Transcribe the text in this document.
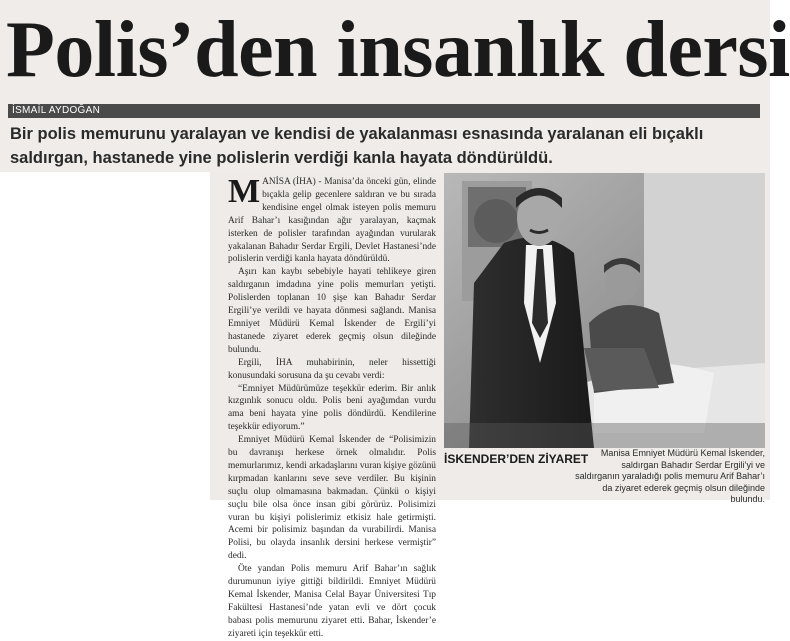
Polis’den insanlık dersi
İSMAİL AYDOĞAN

Bir polis memurunu yaralayan ve kendisi de yakalanması esnasında yaralanan eli bıçaklı saldırgan, hastanede yine polislerin verdiği kanla hayata döndürüldü.

MANİSA (İHA) - Manisa’da önceki gün, elinde bıçakla gelip gecenlere saldıran ve bu sırada kendisine engel olmak isteyen polis memuru Arif Bahar’ı kasığından ağır yaralayan, kaçmak isterken de polisler tarafından ayağından vurularak yakalanan Bahadır Serdar Ergili, Devlet Hastanesi’nde polislerin verdiği kanla hayata döndürüldü.

Aşırı kan kaybı sebebiyle hayati tehlikeye giren saldırganın imdadına yine polis memurları yetişti. Polislerden toplanan 10 şişe kan Bahadır Serdar Ergili’ye verildi ve hayata dönmesi sağlandı. Manisa Emniyet Müdürü Kemal İskender de Ergili’yi hastanede ziyaret ederek geçmiş olsun dileğinde bulundu.

Ergili, İHA muhabirinin, neler hissettiği konusundaki sorusuna da şu cevabı verdi:

“Emniyet Müdürümüze teşekkür ederim. Bir anlık kızgınlık sonucu oldu. Polis beni ayağımdan vurdu ama beni hayata yine polis döndürdü. Kendilerine teşekkür ediyorum.”

Emniyet Müdürü Kemal İskender de “Polisimizin bu davranışı herkese örnek olmalıdır. Polis memurlarımız, kendi arkadaşlarını vuran kişiye gözünü kırpmadan kanlarını seve seve verdiler. Bu kişinin suçlu olup olmamasına bakmadan. Çünkü o kişiyi suçlu bile olsa önce insan gibi görürüz. Polisimizi vuran bu kişiyi polislerimiz etkisiz hale getirmişti. Acemi bir polisimiz başından da vurabilirdi. Manisa Polisi, bu olayda insanlık dersini herkese vermiştir” dedi.

Öte yandan Polis memuru Arif Bahar’ın sağlık durumunun iyiye gittiği bildirildi. Emniyet Müdürü Kemal İskender, Manisa Celal Bayar Üniversitesi Tıp Fakültesi Hastanesi’nde yatan evli ve dört çocuk babası polis memurunu ziyaret etti. Bahar, İskender’e ziyareti için teşekkür etti.

İSKENDER’DEN ZİYARET	Manisa Emniyet Müdürü Kemal İskender, saldırgan Bahadır Serdar Ergili’yi ve saldırganın yaraladığı polis memuru Arif Bahar’ı da ziyaret ederek geçmiş olsun dileğinde bulundu.
